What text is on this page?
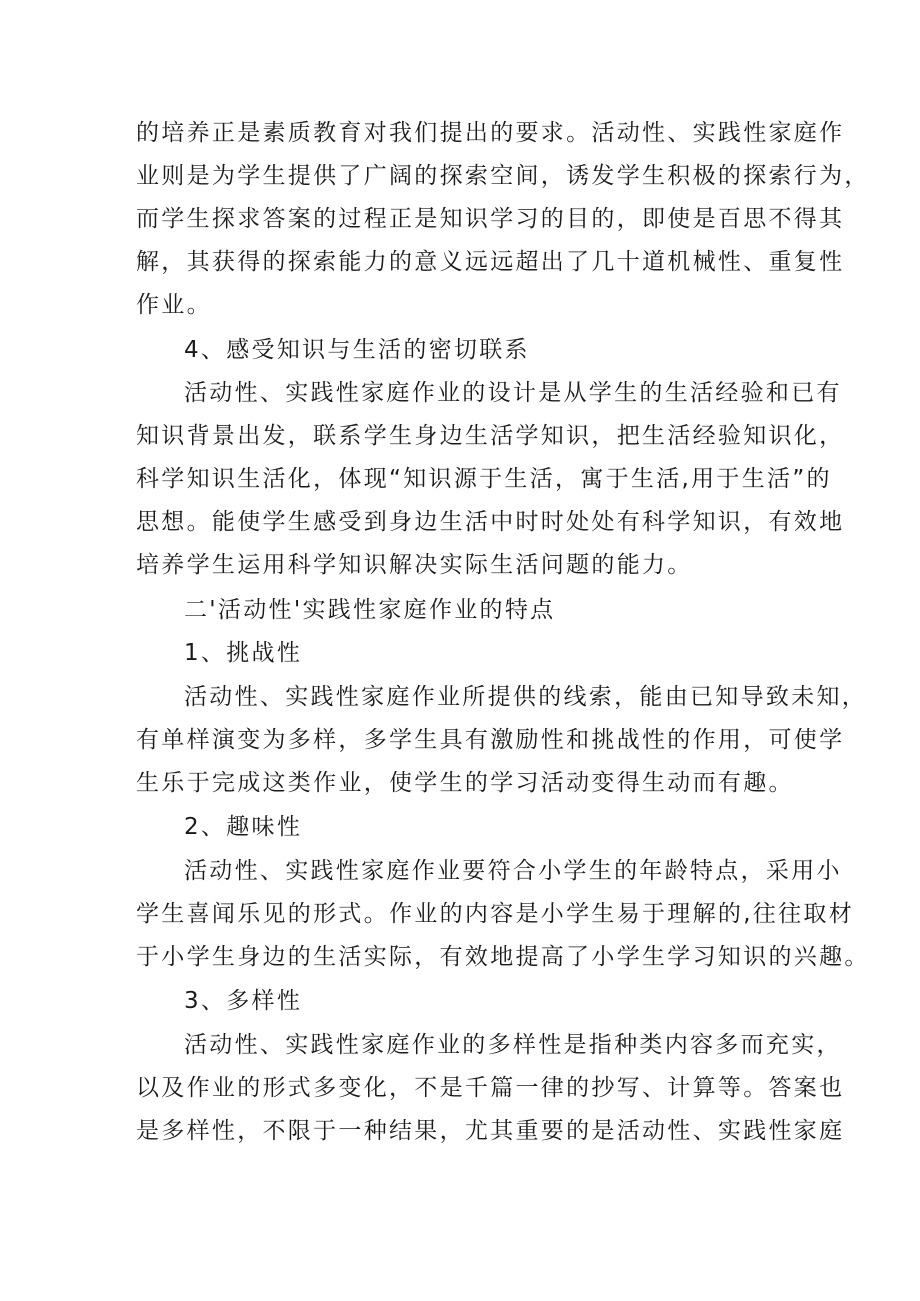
的培养正是素质教育对我们提出的要求。活动性、实践性家庭作
业则是为学生提供了广阔的探索空间，诱发学生积极的探索行为，
而学生探求答案的过程正是知识学习的目的，即使是百思不得其
解，其获得的探索能力的意义远远超出了几十道机械性、重复性
作业。
4、感受知识与生活的密切联系
活动性、实践性家庭作业的设计是从学生的生活经验和已有
知识背景出发，联系学生身边生活学知识，把生活经验知识化，
科学知识生活化，体现“知识源于生活，寓于生活,用于生活”的
思想。能使学生感受到身边生活中时时处处有科学知识，有效地
培养学生运用科学知识解决实际生活问题的能力。
二'活动性'实践性家庭作业的特点
1、挑战性
活动性、实践性家庭作业所提供的线索，能由已知导致未知，
有单样演变为多样，多学生具有激励性和挑战性的作用，可使学
生乐于完成这类作业，使学生的学习活动变得生动而有趣。
2、趣味性
活动性、实践性家庭作业要符合小学生的年龄特点，采用小
学生喜闻乐见的形式。作业的内容是小学生易于理解的,往往取材
于小学生身边的生活实际，有效地提高了小学生学习知识的兴趣。
3、多样性
活动性、实践性家庭作业的多样性是指种类内容多而充实，
以及作业的形式多变化，不是千篇一律的抄写、计算等。答案也
是多样性，不限于一种结果，尤其重要的是活动性、实践性家庭
